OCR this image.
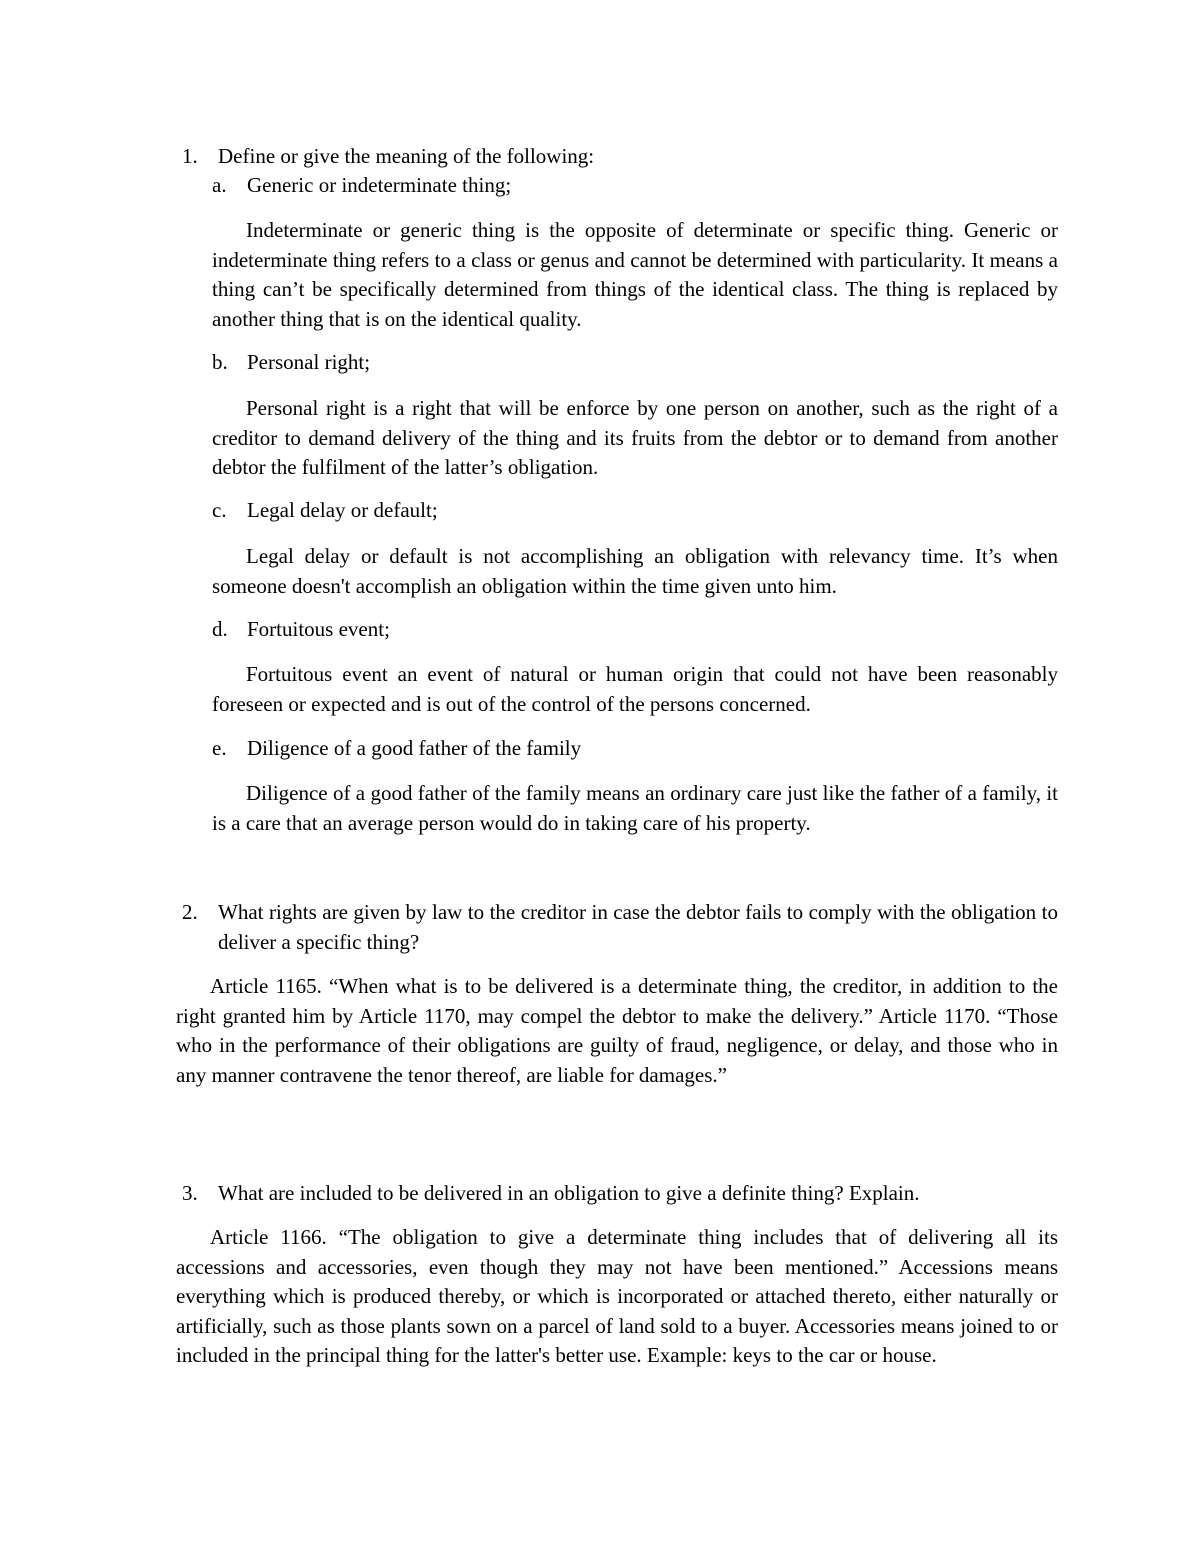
1. Define or give the meaning of the following:
a. Generic or indeterminate thing;

Indeterminate or generic thing is the opposite of determinate or specific thing. Generic or indeterminate thing refers to a class or genus and cannot be determined with particularity. It means a thing can’t be specifically determined from things of the identical class. The thing is replaced by another thing that is on the identical quality.

b. Personal right;

Personal right is a right that will be enforce by one person on another, such as the right of a creditor to demand delivery of the thing and its fruits from the debtor or to demand from another debtor the fulfilment of the latter’s obligation.

c. Legal delay or default;

Legal delay or default is not accomplishing an obligation with relevancy time. It’s when someone doesn't accomplish an obligation within the time given unto him.

d. Fortuitous event;

Fortuitous event an event of natural or human origin that could not have been reasonably foreseen or expected and is out of the control of the persons concerned.

e. Diligence of a good father of the family

Diligence of a good father of the family means an ordinary care just like the father of a family, it is a care that an average person would do in taking care of his property.

2. What rights are given by law to the creditor in case the debtor fails to comply with the obligation to deliver a specific thing?

Article 1165. “When what is to be delivered is a determinate thing, the creditor, in addition to the right granted him by Article 1170, may compel the debtor to make the delivery.” Article 1170. “Those who in the performance of their obligations are guilty of fraud, negligence, or delay, and those who in any manner contravene the tenor thereof, are liable for damages.”

3. What are included to be delivered in an obligation to give a definite thing? Explain.

Article 1166. “The obligation to give a determinate thing includes that of delivering all its accessions and accessories, even though they may not have been mentioned.” Accessions means everything which is produced thereby, or which is incorporated or attached thereto, either naturally or artificially, such as those plants sown on a parcel of land sold to a buyer. Accessories means joined to or included in the principal thing for the latter's better use. Example: keys to the car or house.
